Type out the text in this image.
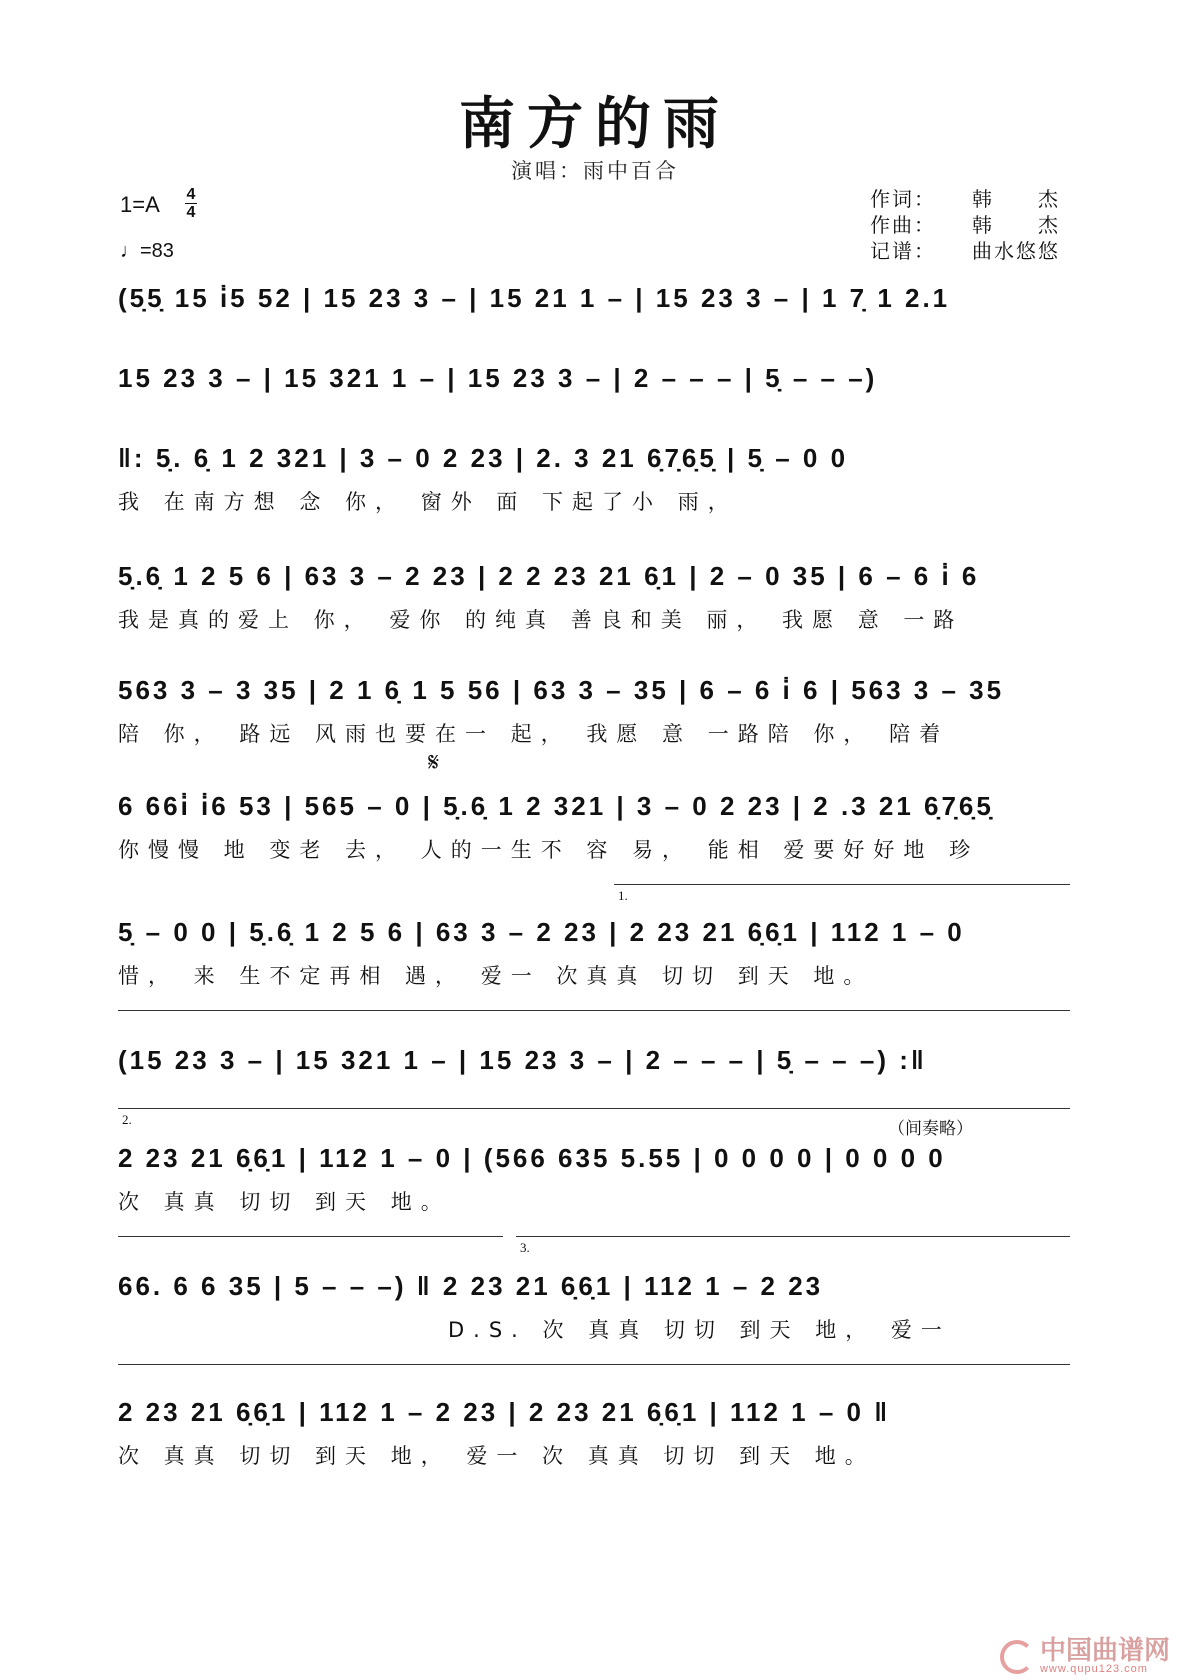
南方的雨
演唱：雨中百合
1=A 4
4
♩=83
作词： 韩　　杰
作曲： 韩　　杰
记谱： 曲水悠悠
(5̣5̣ 15 i̇5 52 | 15 23 3 – | 15 21 1 – | 15 23 3 – | 1 7̣ 1 2.1
15 23 3 – | 15 321 1 – | 15 23 3 – | 2 – – – | 5̣ – – –)
‖: 5̣. 6̣ 1 2 321 | 3 – 0 2 23 | 2. 3 21 6̣7̣6̣5̣ | 5̣ – 0 0
我 在南方想 念 你， 窗外 面 下起了小 雨，
5̣.6̣ 1 2 5 6 | 63 3 – 2 23 | 2 2 23 21 6̣1 | 2 – 0 35 | 6 – 6 i̇ 6
我是真的爱上 你， 爱你 的纯真 善良和美 丽， 我愿 意 一路
563 3 – 3 35 | 2 1 6̣ 1 5 56 | 63 3 – 35 | 6 – 6 i̇ 6 | 563 3 – 35
陪 你， 路远 风雨也要在一 起， 我愿 意 一路陪 你， 陪着
𝄋
6 66i̇ i̇6 53 | 565 – 0 | 5̣.6̣ 1 2 321 | 3 – 0 2 23 | 2 .3 21 6̣7̣6̣5̣
你慢慢 地 变老 去， 人的一生不 容 易， 能相 爱要好好地 珍
1.
5̣ – 0 0 | 5̣.6̣ 1 2 5 6 | 63 3 – 2 23 | 2 23 21 6̣6̣1 | 112 1 – 0
惜， 来 生不定再相 遇， 爱一 次真真 切切 到天 地。
(15 23 3 – | 15 321 1 – | 15 23 3 – | 2 – – – | 5̣ – – –) :‖
2.	（间奏略）
2 23 21 6̣6̣1 | 112 1 – 0 | (566 635 5.55 | 0 0 0 0 | 0 0 0 0
次 真真 切切 到天 地。
3.
66. 6 6 35 | 5 – – –) ‖ 2 23 21 6̣6̣1 | 112 1 – 2 23
D.S. 次 真真 切切 到天 地， 爱一
2 23 21 6̣6̣1 | 112 1 – 2 23 | 2 23 21 6̣6̣1 | 112 1 – 0 ‖
次 真真 切切 到天 地， 爱一 次 真真 切切 到天 地。
中国曲谱网
www.qupu123.com
